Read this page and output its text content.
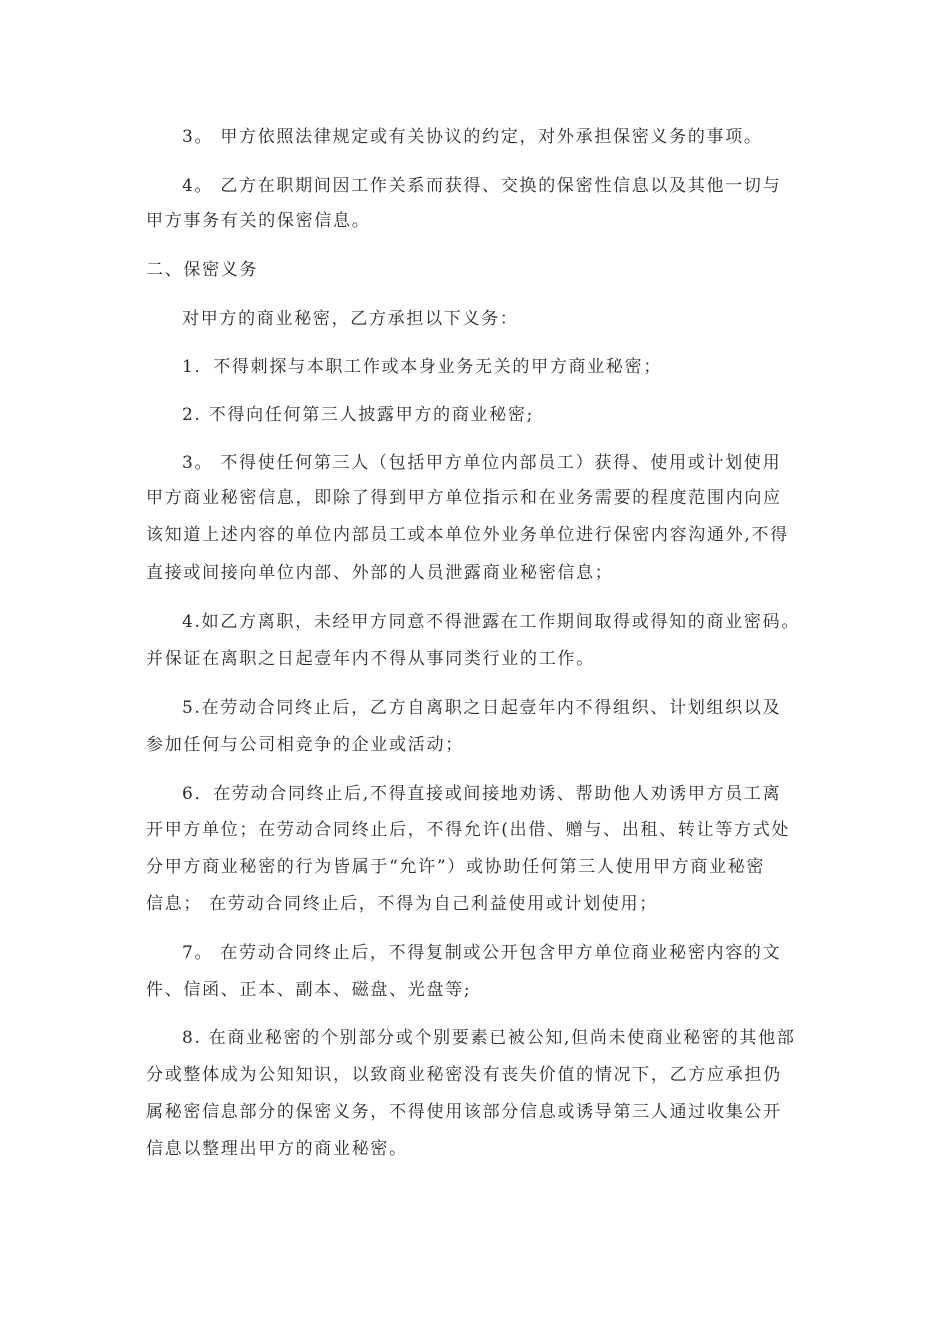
3。 甲方依照法律规定或有关协议的约定，对外承担保密义务的事项。
4。 乙方在职期间因工作关系而获得、交换的保密性信息以及其他一切与
甲方事务有关的保密信息。
二、保密义务
对甲方的商业秘密，乙方承担以下义务：
1．不得刺探与本职工作或本身业务无关的甲方商业秘密；
2. 不得向任何第三人披露甲方的商业秘密;
3。 不得使任何第三人（包括甲方单位内部员工）获得、使用或计划使用
甲方商业秘密信息，即除了得到甲方单位指示和在业务需要的程度范围内向应
该知道上述内容的单位内部员工或本单位外业务单位进行保密内容沟通外,不得
直接或间接向单位内部、外部的人员泄露商业秘密信息；
4.如乙方离职，未经甲方同意不得泄露在工作期间取得或得知的商业密码。
并保证在离职之日起壹年内不得从事同类行业的工作。
5.在劳动合同终止后，乙方自离职之日起壹年内不得组织、计划组织以及
参加任何与公司相竞争的企业或活动；
6．在劳动合同终止后,不得直接或间接地劝诱、帮助他人劝诱甲方员工离
开甲方单位；在劳动合同终止后，不得允许(出借、赠与、出租、转让等方式处
分甲方商业秘密的行为皆属于“允许”）或协助任何第三人使用甲方商业秘密
信息； 在劳动合同终止后，不得为自己利益使用或计划使用；
7。 在劳动合同终止后，不得复制或公开包含甲方单位商业秘密内容的文
件、信函、正本、副本、磁盘、光盘等;
8. 在商业秘密的个别部分或个别要素已被公知,但尚未使商业秘密的其他部
分或整体成为公知知识，以致商业秘密没有丧失价值的情况下，乙方应承担仍
属秘密信息部分的保密义务，不得使用该部分信息或诱导第三人通过收集公开
信息以整理出甲方的商业秘密。
